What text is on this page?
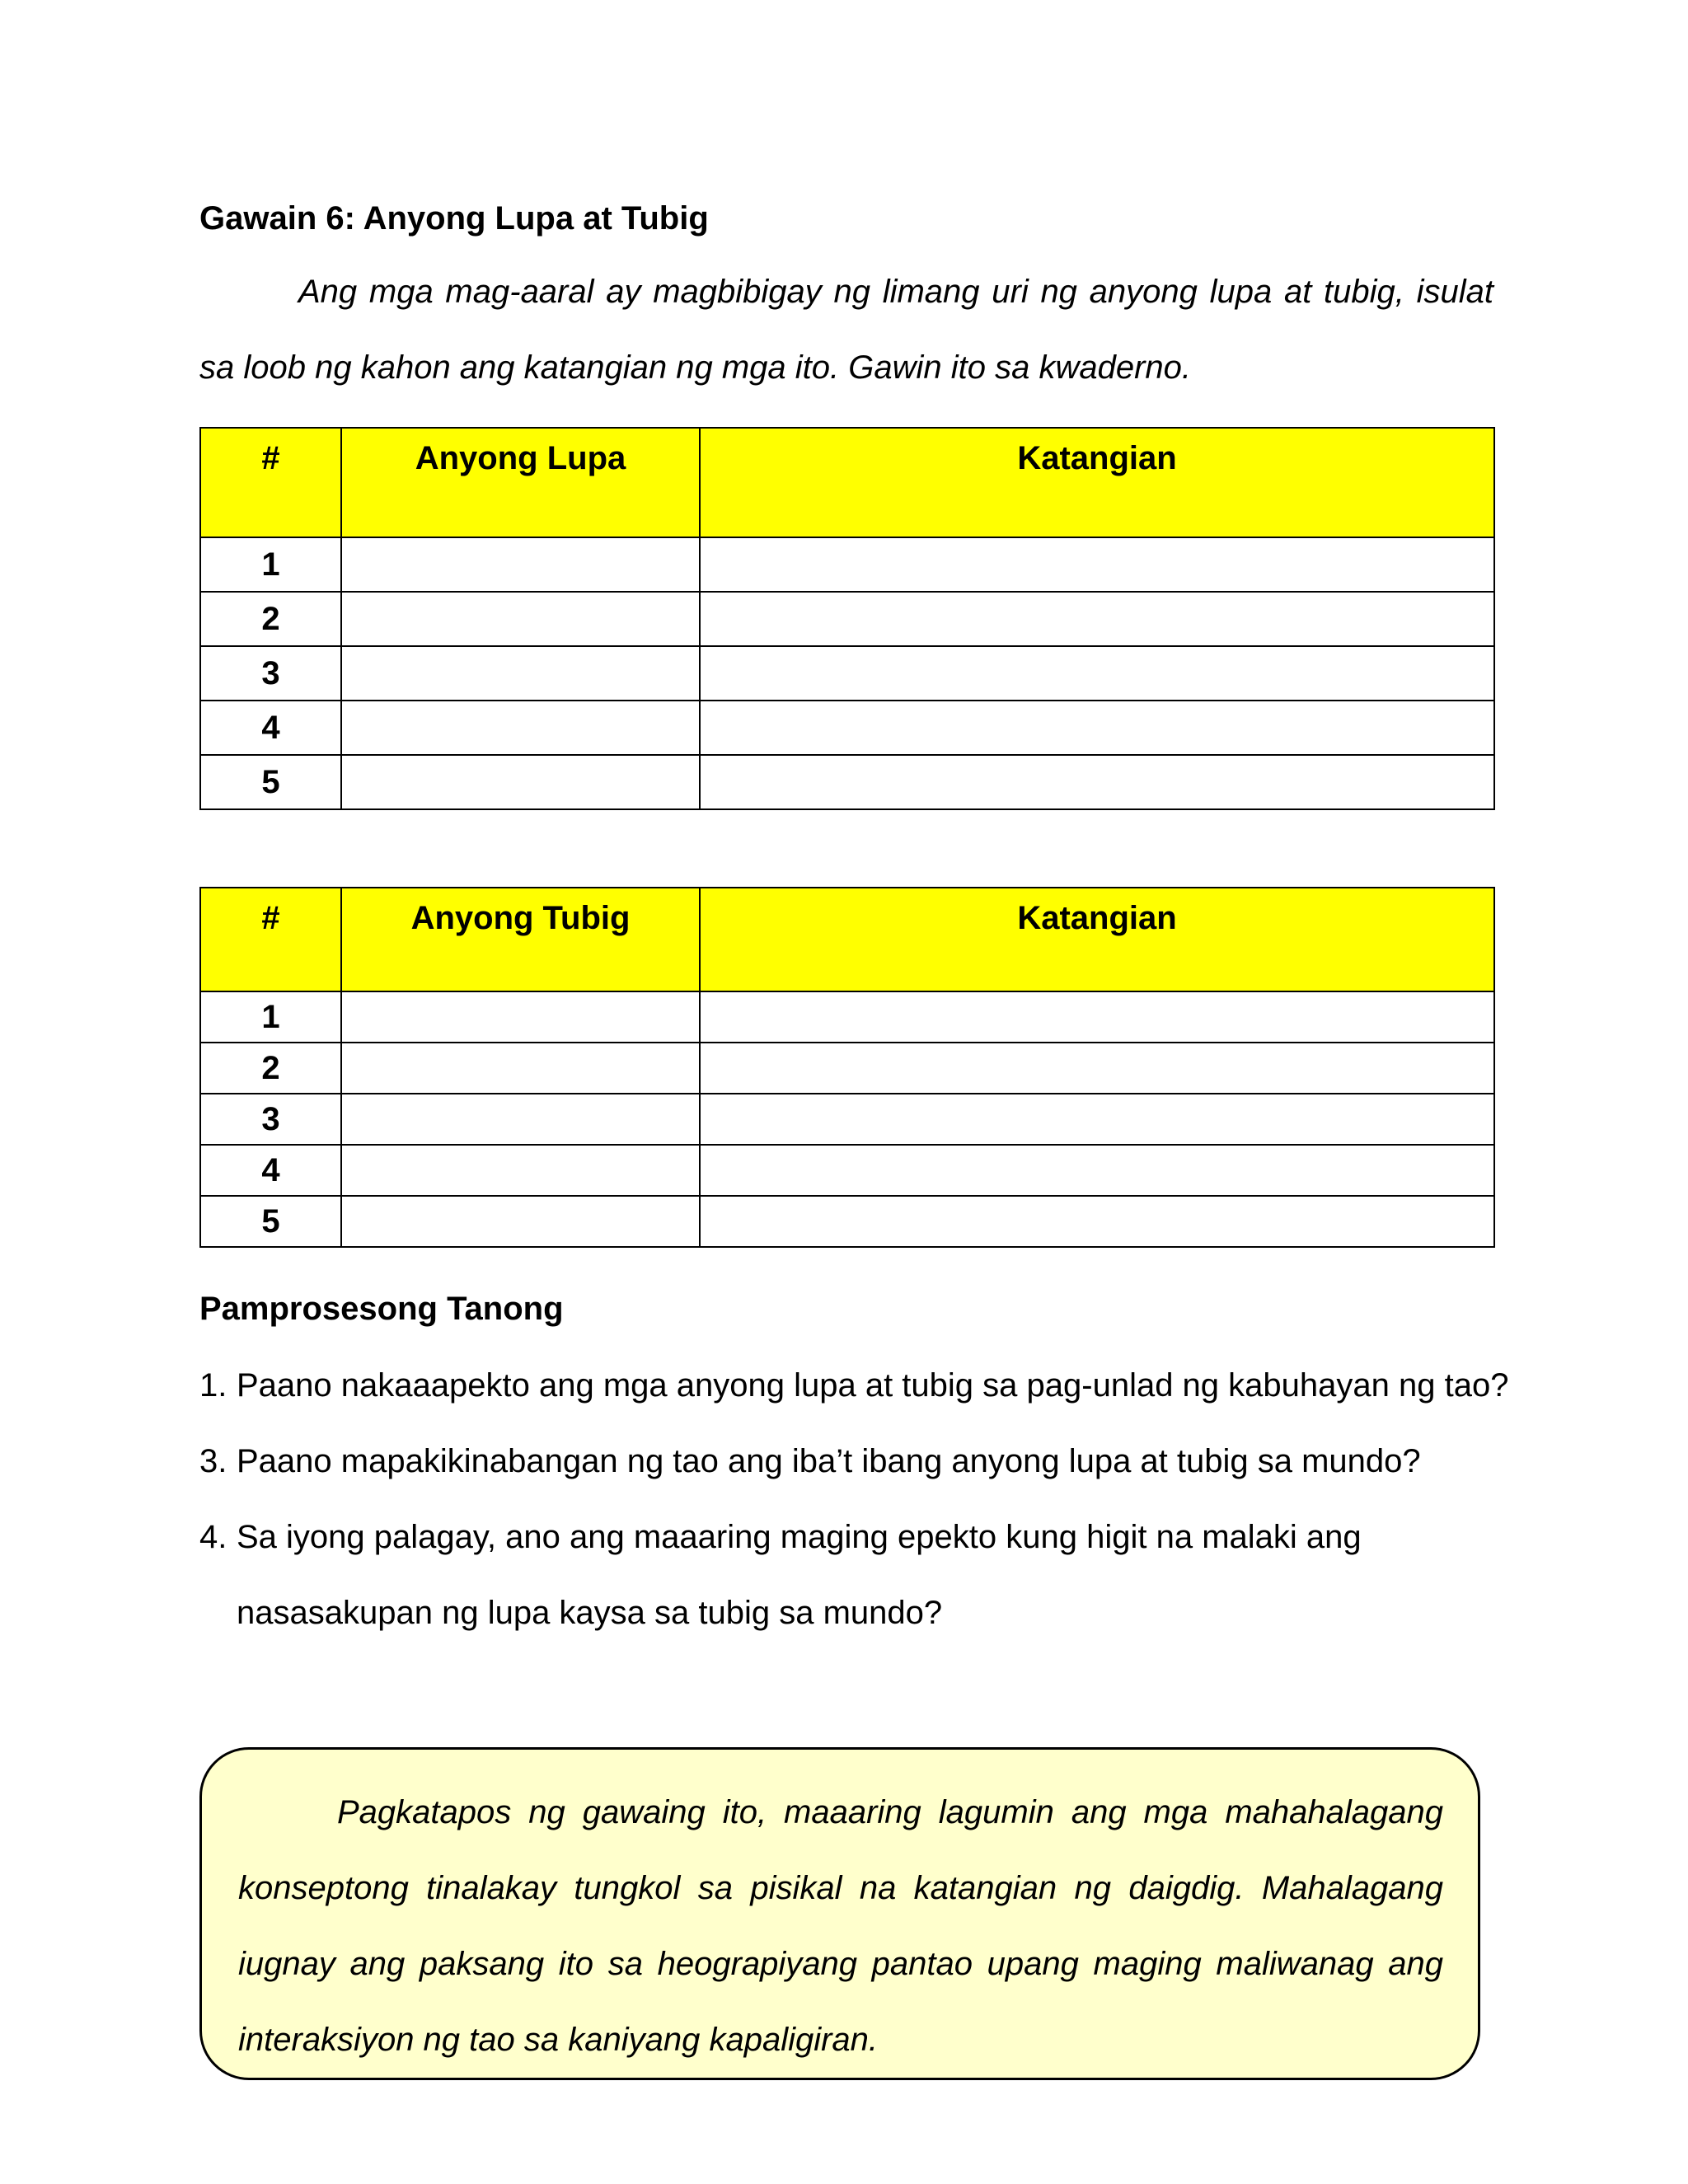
Gawain 6: Anyong Lupa at Tubig
Ang mga mag-aaral ay magbibigay ng limang uri ng anyong lupa at tubig, isulat sa loob ng kahon ang katangian ng mga ito. Gawin ito sa kwaderno.
#	Anyong Lupa	Katangian
1		
2		
3		
4		
5		
#	Anyong Tubig	Katangian
1		
2		
3		
4		
5		
Pamprosesong Tanong
1. Paano nakaaapekto ang mga anyong lupa at tubig sa pag-unlad ng kabuhayan ng tao?
3. Paano mapakikinabangan ng tao ang iba’t ibang anyong lupa at tubig sa mundo?
4. Sa iyong palagay, ano ang maaaring maging epekto kung higit na malaki ang nasasakupan ng lupa kaysa sa tubig sa mundo?
Pagkatapos ng gawaing ito, maaaring lagumin ang mga mahahalagang konseptong tinalakay tungkol sa pisikal na katangian ng daigdig. Mahalagang iugnay ang paksang ito sa heograpiyang pantao upang maging maliwanag ang interaksiyon ng tao sa kaniyang kapaligiran.
